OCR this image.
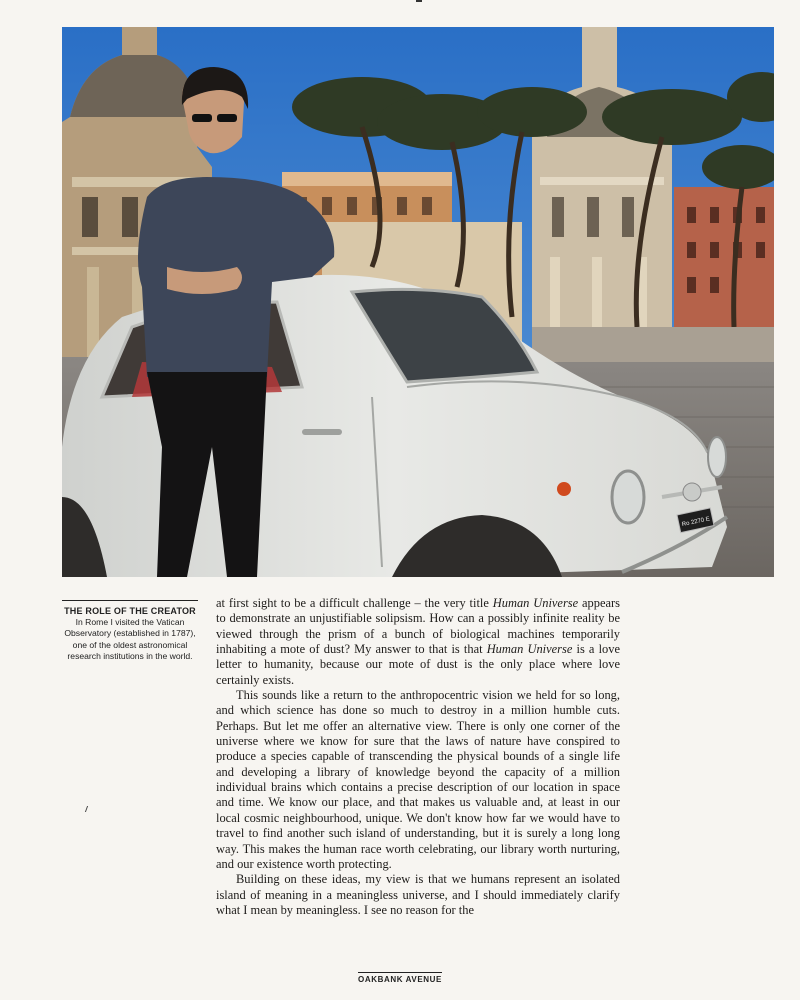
Ro 2270 E
THE ROLE OF THE CREATOR
In Rome I visited the Vatican Observatory (established in 1787), one of the oldest astronomical research institutions in the world.

at first sight to be a difficult challenge – the very title Human Universe appears to demonstrate an unjustifiable solipsism. How can a possibly infinite reality be viewed through the prism of a bunch of biological machines temporarily inhabiting a mote of dust? My answer to that is that Human Universe is a love letter to humanity, because our mote of dust is the only place where love certainly exists.

This sounds like a return to the anthropocentric vision we held for so long, and which science has done so much to destroy in a million humble cuts. Perhaps. But let me offer an alternative view. There is only one corner of the universe where we know for sure that the laws of nature have conspired to produce a species capable of transcending the physical bounds of a single life and developing a library of knowledge beyond the capacity of a million individual brains which contains a precise description of our location in space and time. We know our place, and that makes us valuable and, at least in our local cosmic neighbourhood, unique. We don't know how far we would have to travel to find another such island of understanding, but it is surely a long long way. This makes the human race worth celebrating, our library worth nurturing, and our existence worth protecting.

Building on these ideas, my view is that we humans represent an isolated island of meaning in a meaningless universe, and I should immediately clarify what I mean by meaningless. I see no reason for the

OAKBANK AVENUE
